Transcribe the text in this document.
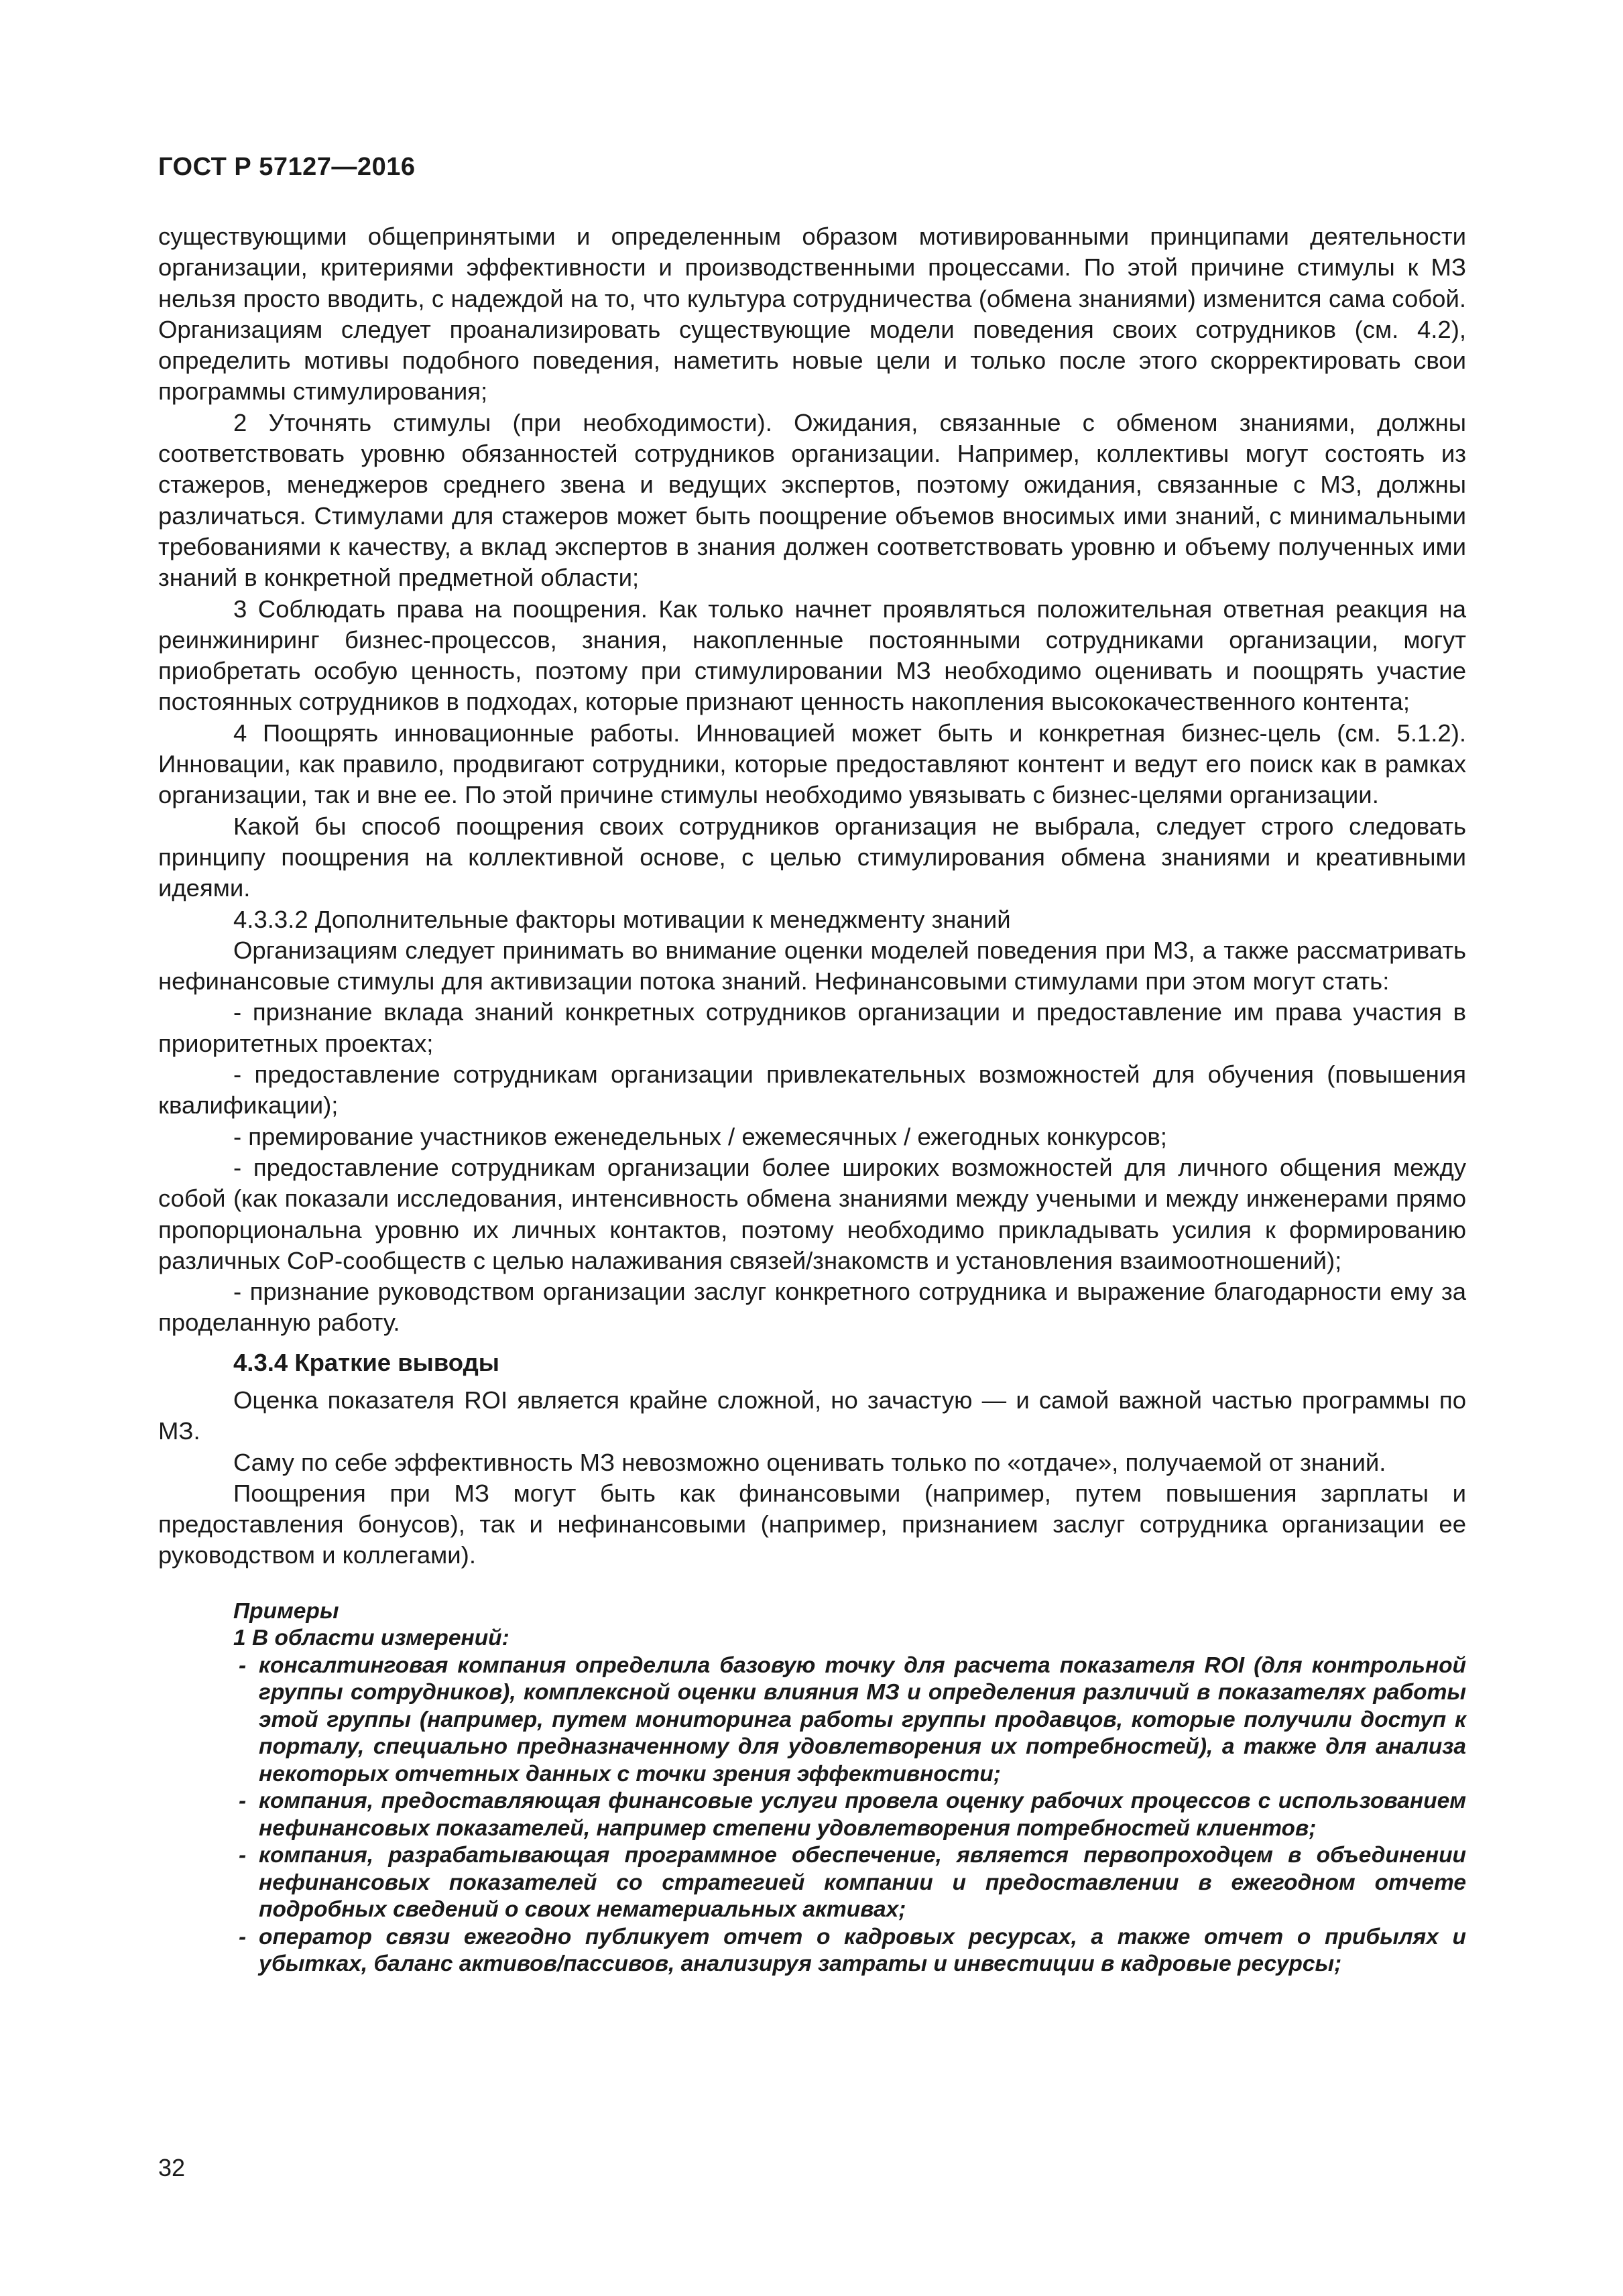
ГОСТ Р 57127—2016

существующими общепринятыми и определенным образом мотивированными принципами деятельности организации, критериями эффективности и производственными процессами. По этой причине стимулы к МЗ нельзя просто вводить, с надеждой на то, что культура сотрудничества (обмена знаниями) изменится сама собой. Организациям следует проанализировать существующие модели поведения своих сотрудников (см. 4.2), определить мотивы подобного поведения, наметить новые цели и только после этого скорректировать свои программы стимулирования;

2 Уточнять стимулы (при необходимости). Ожидания, связанные с обменом знаниями, должны соответствовать уровню обязанностей сотрудников организации. Например, коллективы могут состоять из стажеров, менеджеров среднего звена и ведущих экспертов, поэтому ожидания, связанные с МЗ, должны различаться. Стимулами для стажеров может быть поощрение объемов вносимых ими знаний, с минимальными требованиями к качеству, а вклад экспертов в знания должен соответствовать уровню и объему полученных ими знаний в конкретной предметной области;

3 Соблюдать права на поощрения. Как только начнет проявляться положительная ответная реакция на реинжиниринг бизнес-процессов, знания, накопленные постоянными сотрудниками организации, могут приобретать особую ценность, поэтому при стимулировании МЗ необходимо оценивать и поощрять участие постоянных сотрудников в подходах, которые признают ценность накопления высококачественного контента;

4 Поощрять инновационные работы. Инновацией может быть и конкретная бизнес-цель (см. 5.1.2). Инновации, как правило, продвигают сотрудники, которые предоставляют контент и ведут его поиск как в рамках организации, так и вне ее. По этой причине стимулы необходимо увязывать с бизнес-целями организации.

Какой бы способ поощрения своих сотрудников организация не выбрала, следует строго следовать принципу поощрения на коллективной основе, с целью стимулирования обмена знаниями и креативными идеями.

4.3.3.2 Дополнительные факторы мотивации к менеджменту знаний

Организациям следует принимать во внимание оценки моделей поведения при МЗ, а также рассматривать нефинансовые стимулы для активизации потока знаний. Нефинансовыми стимулами при этом могут стать:

- признание вклада знаний конкретных сотрудников организации и предоставление им права участия в приоритетных проектах;

- предоставление сотрудникам организации привлекательных возможностей для обучения (повышения квалификации);

- премирование участников еженедельных / ежемесячных / ежегодных конкурсов;

- предоставление сотрудникам организации более широких возможностей для личного общения между собой (как показали исследования, интенсивность обмена знаниями между учеными и между инженерами прямо пропорциональна уровню их личных контактов, поэтому необходимо прикладывать усилия к формированию различных CoP-сообществ с целью налаживания связей/знакомств и установления взаимоотношений);

- признание руководством организации заслуг конкретного сотрудника и выражение благодарности ему за проделанную работу.

4.3.4 Краткие выводы

Оценка показателя ROI является крайне сложной, но зачастую — и самой важной частью программы по МЗ.

Саму по себе эффективность МЗ невозможно оценивать только по «отдаче», получаемой от знаний.

Поощрения при МЗ могут быть как финансовыми (например, путем повышения зарплаты и предоставления бонусов), так и нефинансовыми (например, признанием заслуг сотрудника организации ее руководством и коллегами).

Примеры

1 В области измерений:

- консалтинговая компания определила базовую точку для расчета показателя ROI (для контрольной группы сотрудников), комплексной оценки влияния МЗ и определения различий в показателях работы этой группы (например, путем мониторинга работы группы продавцов, которые получили доступ к порталу, специально предназначенному для удовлетворения их потребностей), а также для анализа некоторых отчетных данных с точки зрения эффективности;
- компания, предоставляющая финансовые услуги провела оценку рабочих процессов с использованием нефинансовых показателей, например степени удовлетворения потребностей клиентов;
- компания, разрабатывающая программное обеспечение, является первопроходцем в объединении нефинансовых показателей со стратегией компании и предоставлении в ежегодном отчете подробных сведений о своих нематериальных активах;
- оператор связи ежегодно публикует отчет о кадровых ресурсах, а также отчет о прибылях и убытках, баланс активов/пассивов, анализируя затраты и инвестиции в кадровые ресурсы;
32
